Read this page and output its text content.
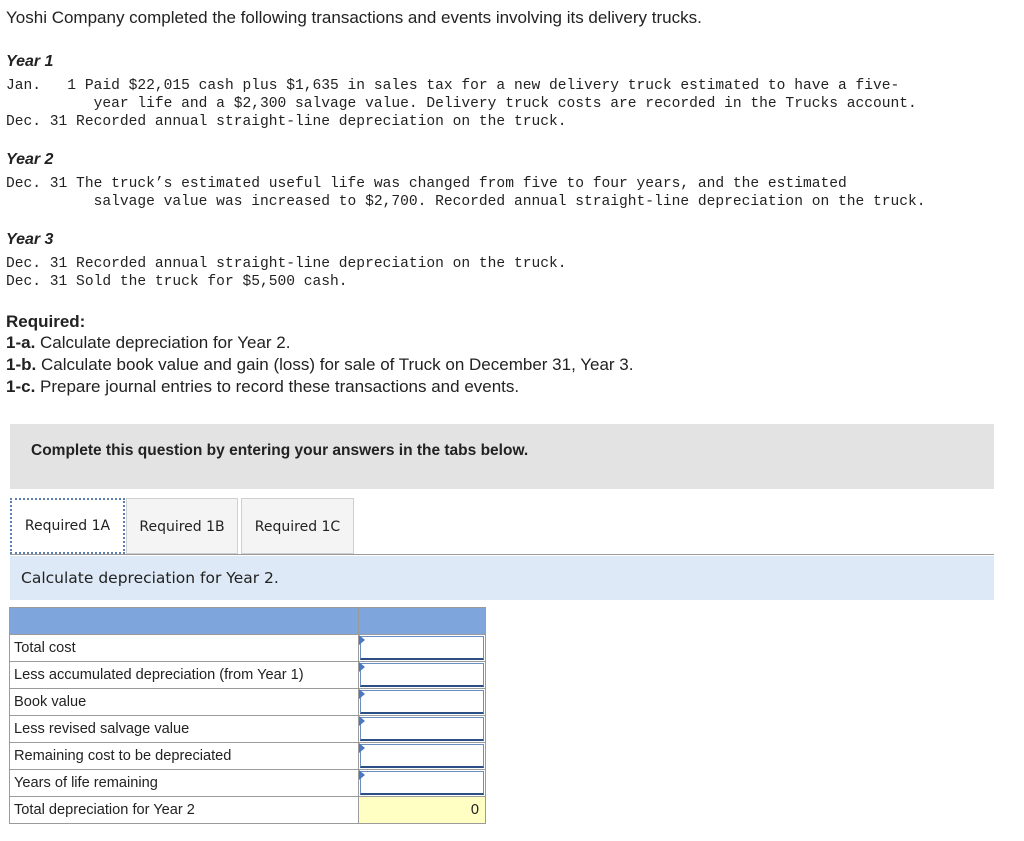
Yoshi Company completed the following transactions and events involving its delivery trucks.
Year 1
Jan.   1 Paid $22,015 cash plus $1,635 in sales tax for a new delivery truck estimated to have a five-
year life and a $2,300 salvage value. Delivery truck costs are recorded in the Trucks account.
Dec. 31 Recorded annual straight-line depreciation on the truck.
Year 2
Dec. 31 The truck’s estimated useful life was changed from five to four years, and the estimated
salvage value was increased to $2,700. Recorded annual straight-line depreciation on the truck.
Year 3
Dec. 31 Recorded annual straight-line depreciation on the truck.
Dec. 31 Sold the truck for $5,500 cash.
Required:
1-a. Calculate depreciation for Year 2.
1-b. Calculate book value and gain (loss) for sale of Truck on December 31, Year 3.
1-c. Prepare journal entries to record these transactions and events.
Complete this question by entering your answers in the tabs below.
Required 1A	Required 1B	Required 1C
Calculate depreciation for Year 2.

Total cost	

Less accumulated depreciation (from Year 1)	

Book value	

Less revised salvage value	

Remaining cost to be depreciated	

Years of life remaining	

Total depreciation for Year 2	0
